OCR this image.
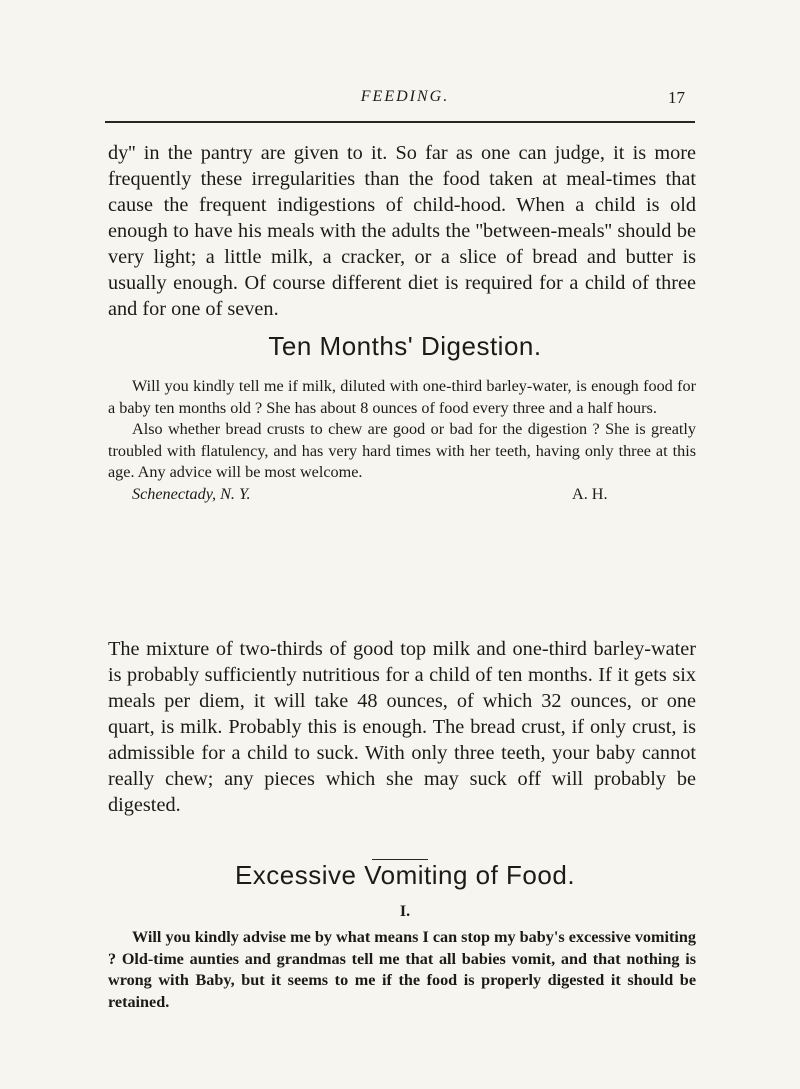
FEEDING.	17

dy'' in the pantry are given to it. So far as one can judge, it is more frequently these irregularities than the food taken at meal-times that cause the frequent indigestions of child-hood. When a child is old enough to have his meals with the adults the ''between-meals'' should be very light; a little milk, a cracker, or a slice of bread and butter is usually enough. Of course different diet is required for a child of three and for one of seven.

Ten Months' Digestion.

Will you kindly tell me if milk, diluted with one-third barley-water, is enough food for a baby ten months old ? She has about 8 ounces of food every three and a half hours.

Also whether bread crusts to chew are good or bad for the digestion ? She is greatly troubled with flatulency, and has very hard times with her teeth, having only three at this age. Any advice will be most welcome.

Schenectady, N. Y.	A. H.

The mixture of two-thirds of good top milk and one-third barley-water is probably sufficiently nutritious for a child of ten months. If it gets six meals per diem, it will take 48 ounces, of which 32 ounces, or one quart, is milk. Probably this is enough. The bread crust, if only crust, is admissible for a child to suck. With only three teeth, your baby cannot really chew; any pieces which she may suck off will probably be digested.

Excessive Vomiting of Food.
I.

Will you kindly advise me by what means I can stop my baby's excessive vomiting ? Old-time aunties and grandmas tell me that all babies vomit, and that nothing is wrong with Baby, but it seems to me if the food is properly digested it should be retained.
